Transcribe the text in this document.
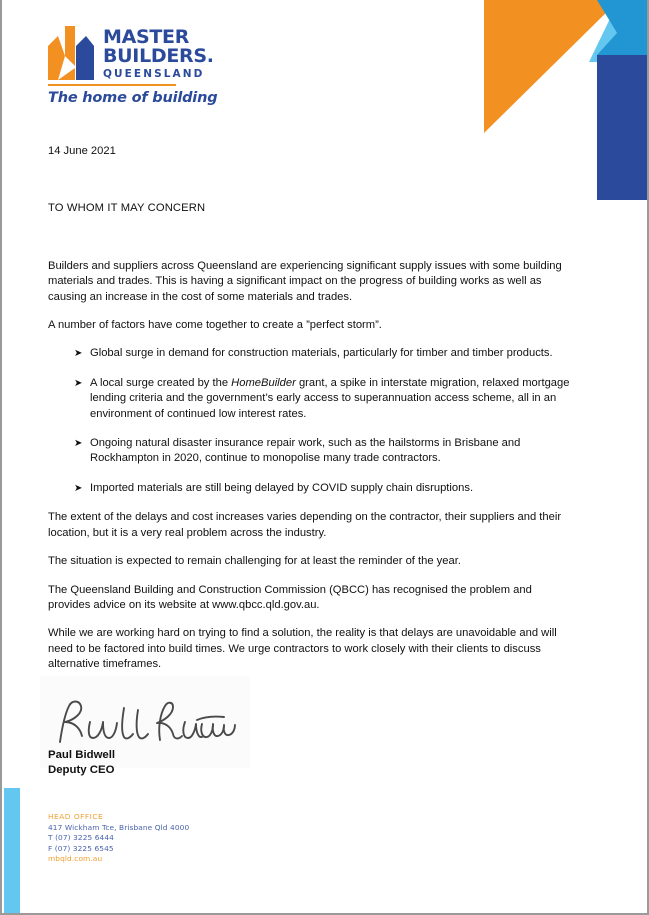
MASTER
BUILDERS.
QUEENSLAND
The home of building

14 June 2021

TO WHOM IT MAY CONCERN

Builders and suppliers across Queensland are experiencing significant supply issues with some building materials and trades. This is having a significant impact on the progress of building works as well as causing an increase in the cost of some materials and trades.

A number of factors have come together to create a ”perfect storm”.

➤ Global surge in demand for construction materials, particularly for timber and timber products.
➤ A local surge created by the HomeBuilder grant, a spike in interstate migration, relaxed mortgage lending criteria and the government’s early access to superannuation access scheme, all in an environment of continued low interest rates.
➤ Ongoing natural disaster insurance repair work, such as the hailstorms in Brisbane and Rockhampton in 2020, continue to monopolise many trade contractors.
➤ Imported materials are still being delayed by COVID supply chain disruptions.

The extent of the delays and cost increases varies depending on the contractor, their suppliers and their location, but it is a very real problem across the industry.

The situation is expected to remain challenging for at least the reminder of the year.

The Queensland Building and Construction Commission (QBCC) has recognised the problem and provides advice on its website at www.qbcc.qld.gov.au.

While we are working hard on trying to find a solution, the reality is that delays are unavoidable and will need to be factored into build times. We urge contractors to work closely with their clients to discuss alternative timeframes.

Paul Bidwell
Deputy CEO
HEAD OFFICE
417 Wickham Tce, Brisbane Qld 4000
T (07) 3225 6444
F (07) 3225 6545
mbqld.com.au
